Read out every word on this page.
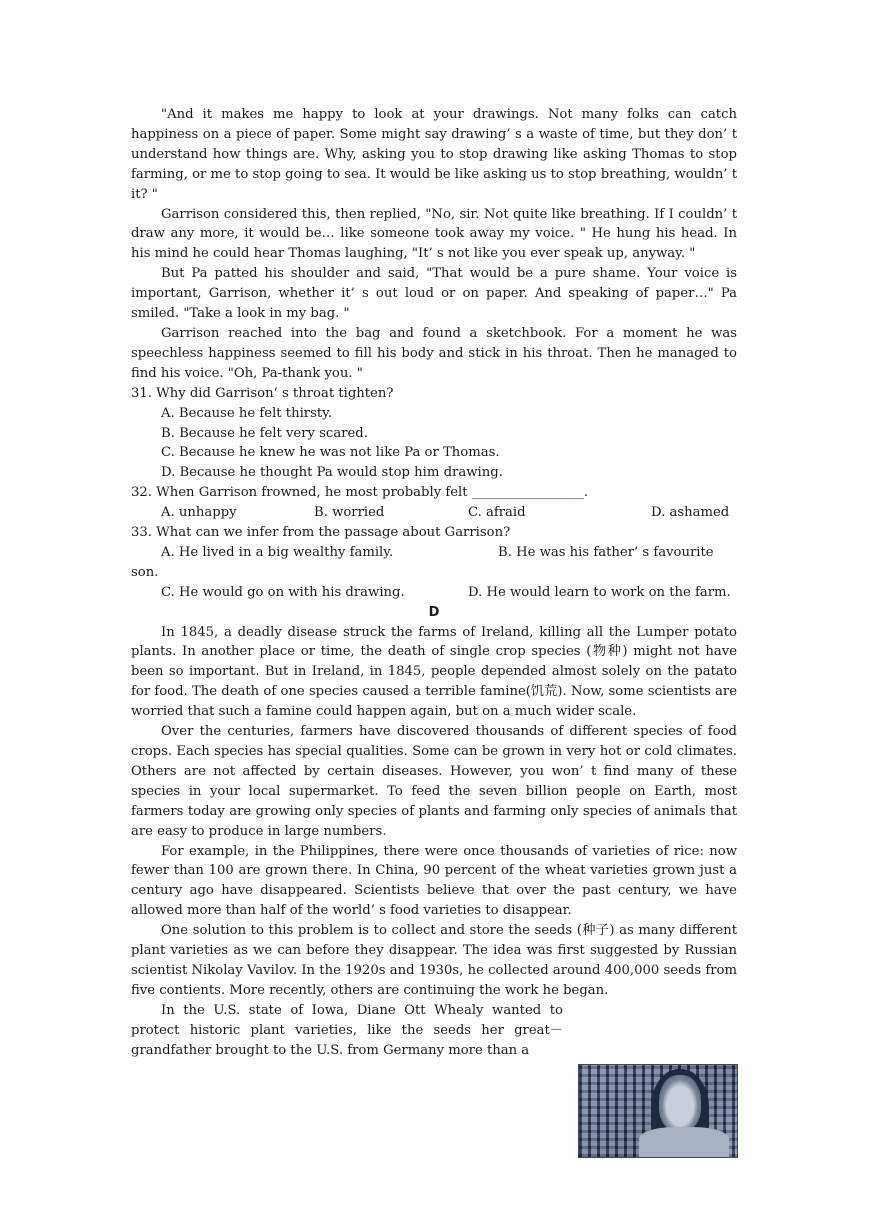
"And it makes me happy to look at your drawings. Not many folks can catch happiness on a piece of paper. Some might say drawing’ s a waste of time, but they don’ t understand how things are. Why, asking you to stop drawing like asking Thomas to stop farming, or me to stop going to sea. It would be like asking us to stop breathing, wouldn’ t it? "

Garrison considered this, then replied, "No, sir. Not quite like breathing. If I couldn’ t draw any more, it would be… like someone took away my voice. " He hung his head. In his mind he could hear Thomas laughing, "It’ s not like you ever speak up, anyway. "

But Pa patted his shoulder and said, "That would be a pure shame. Your voice is important, Garrison, whether it’ s out loud or on paper. And speaking of paper…" Pa smiled. "Take a look in my bag. "

Garrison reached into the bag and found a sketchbook. For a moment he was speechless happiness seemed to fill his body and stick in his throat. Then he managed to find his voice. "Oh, Pa-thank you. "

31. Why did Garrison’ s throat tighten?

A. Because he felt thirsty.

B. Because he felt very scared.

C. Because he knew he was not like Pa or Thomas.

D. Because he thought Pa would stop him drawing.

32. When Garrison frowned, he most probably felt _________________.

A. unhappy	B. worried	C. afraid	D. ashamed

33. What can we infer from the passage about Garrison?

A. He lived in a big wealthy family.	B. He was his father’ s favourite

son.

C. He would go on with his drawing.	D. He would learn to work on the farm.

D

In 1845, a deadly disease struck the farms of Ireland, killing all the Lumper potato plants. In another place or time, the death of single crop species (物种) might not have been so important. But in Ireland, in 1845, people depended almost solely on the patato for food. The death of one species caused a terrible famine(饥荒). Now, some scientists are worried that such a famine could happen again, but on a much wider scale.

Over the centuries, farmers have discovered thousands of different species of food crops. Each species has special qualities. Some can be grown in very hot or cold climates. Others are not affected by certain diseases. However, you won’ t find many of these species in your local supermarket. To feed the seven billion people on Earth, most farmers today are growing only species of plants and farming only species of animals that are easy to produce in large numbers.

For example, in the Philippines, there were once thousands of varieties of rice: now fewer than 100 are grown there. In China, 90 percent of the wheat varieties grown just a century ago have disappeared. Scientists believe that over the past century, we have allowed more than half of the world’ s food varieties to disappear.

One solution to this problem is to collect and store the seeds (种子) as many different plant varieties as we can before they disappear. The idea was first suggested by Russian scientist Nikolay Vavilov. In the 1920s and 1930s, he collected around 400,000 seeds from five contients. More recently, others are continuing the work he began.

In the U.S. state of Iowa, Diane Ott Whealy wanted to protect historic plant varieties, like the seeds her great－grandfather brought to the U.S. from Germany more than a
